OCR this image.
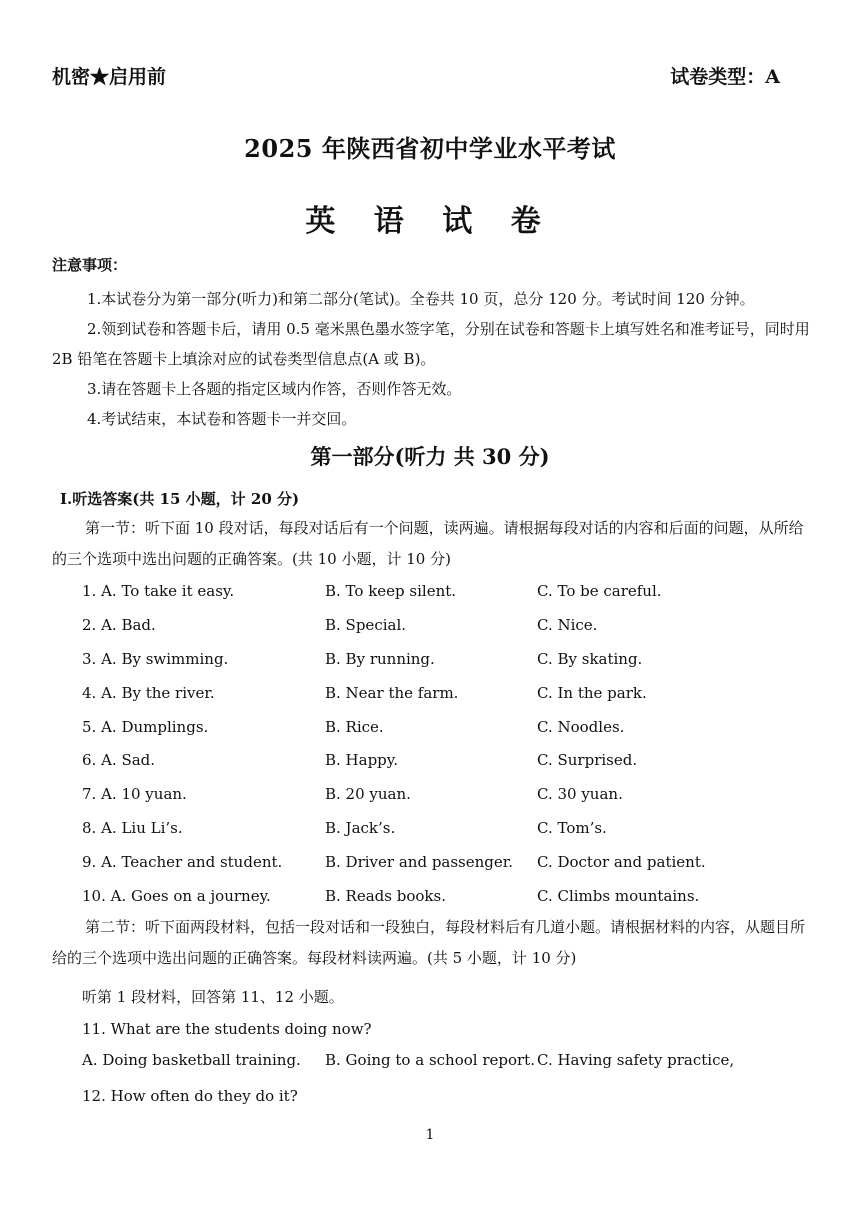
机密★启用前	试卷类型：A
2025 年陕西省初中学业水平考试
英 语 试 卷
注意事项：

1.本试卷分为第一部分(听力)和第二部分(笔试)。全卷共 10 页，总分 120 分。考试时间 120 分钟。

2.领到试卷和答题卡后，请用 0.5 毫米黑色墨水签字笔，分别在试卷和答题卡上填写姓名和准考证号，同时用 2B 铅笔在答题卡上填涂对应的试卷类型信息点(A 或 B)。

3.请在答题卡上各题的指定区域内作答，否则作答无效。

4.考试结束，本试卷和答题卡一并交回。

第一部分(听力 共 30 分)
I.听选答案(共 15 小题，计 20 分)

第一节：听下面 10 段对话，每段对话后有一个问题，读两遍。请根据每段对话的内容和后面的问题，从所给的三个选项中选出问题的正确答案。(共 10 小题，计 10 分)

1. A. To take it easy.	B. To keep silent.	C. To be careful.
2. A. Bad.	B. Special.	C. Nice.
3. A. By swimming.	B. By running.	C. By skating.
4. A. By the river.	B. Near the farm.	C. In the park.
5. A. Dumplings.	B. Rice.	C. Noodles.
6. A. Sad.	B. Happy.	C. Surprised.
7. A. 10 yuan.	B. 20 yuan.	C. 30 yuan.
8. A. Liu Li’s.	B. Jack’s.	C. Tom’s.
9. A. Teacher and student.	B. Driver and passenger. C. Doctor and patient.
10. A. Goes on a journey.	B. Reads books.	C. Climbs mountains.

第二节：听下面两段材料，包括一段对话和一段独白，每段材料后有几道小题。请根据材料的内容，从题目所给的三个选项中选出问题的正确答案。每段材料读两遍。(共 5 小题，计 10 分)

听第 1 段材料，回答第 11、12 小题。
11. What are the students doing now?
A. Doing basketball training. B. Going to a school report. C. Having safety practice,
12. How often do they do it?
1
